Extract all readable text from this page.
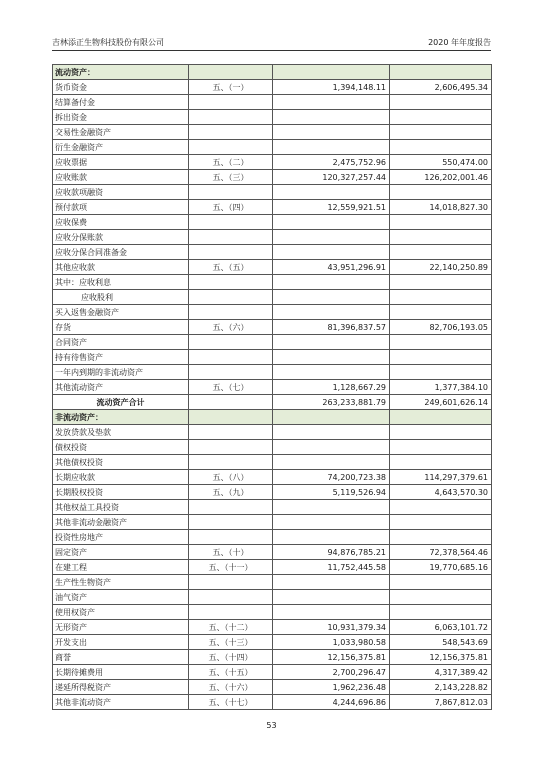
吉林添正生物科技股份有限公司	2020 年年度报告
流动资产：			
货币资金	五、（一）	1,394,148.11	2,606,495.34
结算备付金			
拆出资金			
交易性金融资产			
衍生金融资产			
应收票据	五、（二）	2,475,752.96	550,474.00
应收账款	五、（三）	120,327,257.44	126,202,001.46
应收款项融资			
预付款项	五、（四）	12,559,921.51	14,018,827.30
应收保费			
应收分保账款			
应收分保合同准备金			
其他应收款	五、（五）	43,951,296.91	22,140,250.89
其中：应收利息			
应收股利			
买入返售金融资产			
存货	五、（六）	81,396,837.57	82,706,193.05
合同资产			
持有待售资产			
一年内到期的非流动资产			
其他流动资产	五、（七）	1,128,667.29	1,377,384.10
流动资产合计		263,233,881.79	249,601,626.14
非流动资产：			
发放贷款及垫款			
债权投资			
其他债权投资			
长期应收款	五、（八）	74,200,723.38	114,297,379.61
长期股权投资	五、（九）	5,119,526.94	4,643,570.30
其他权益工具投资			
其他非流动金融资产			
投资性房地产			
固定资产	五、（十）	94,876,785.21	72,378,564.46
在建工程	五、（十一）	11,752,445.58	19,770,685.16
生产性生物资产			
油气资产			
使用权资产			
无形资产	五、（十二）	10,931,379.34	6,063,101.72
开发支出	五、（十三）	1,033,980.58	548,543.69
商誉	五、（十四）	12,156,375.81	12,156,375.81
长期待摊费用	五、（十五）	2,700,296.47	4,317,389.42
递延所得税资产	五、（十六）	1,962,236.48	2,143,228.82
其他非流动资产	五、（十七）	4,244,696.86	7,867,812.03
53
